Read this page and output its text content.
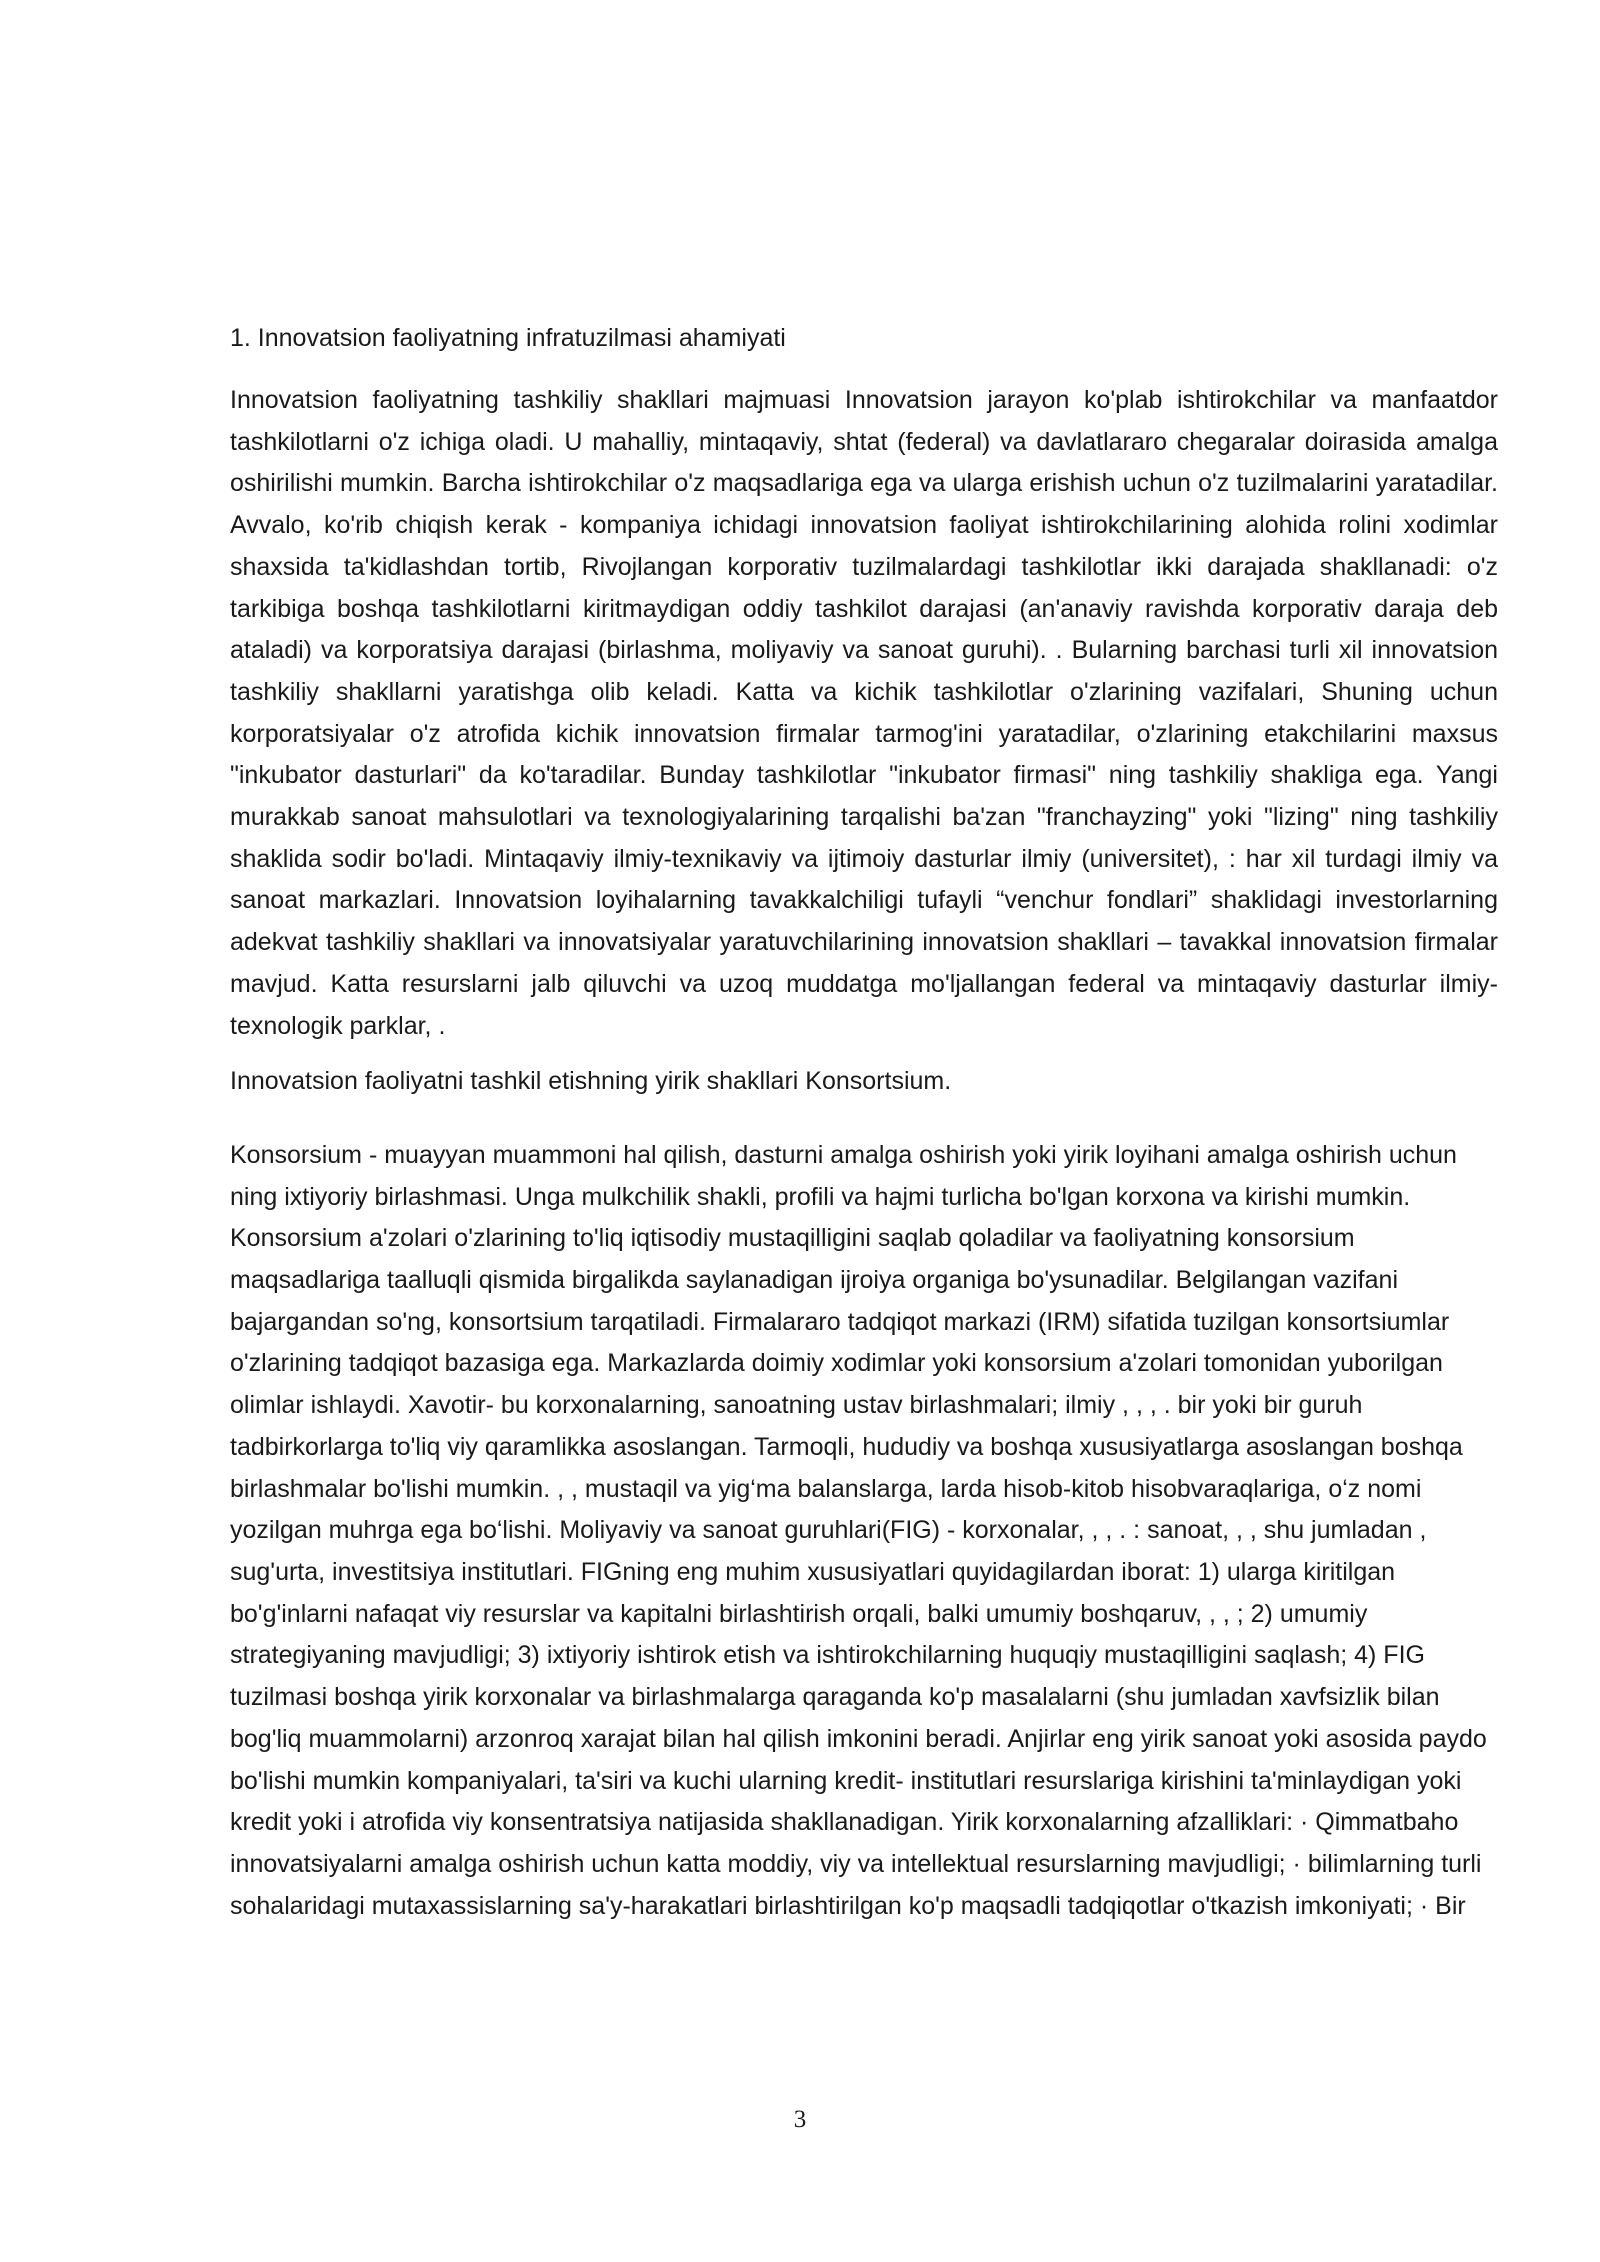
1. Innovatsion faoliyatning infratuzilmasi ahamiyati

Innovatsion faoliyatning tashkiliy shakllari majmuasi Innovatsion jarayon ko'plab ishtirokchilar va manfaatdor tashkilotlarni o'z ichiga oladi. U mahalliy, mintaqaviy, shtat (federal) va davlatlararo chegaralar doirasida amalga oshirilishi mumkin. Barcha ishtirokchilar o'z maqsadlariga ega va ularga erishish uchun o'z tuzilmalarini yaratadilar. Avvalo, ko'rib chiqish kerak - kompaniya ichidagi innovatsion faoliyat ishtirokchilarining alohida rolini xodimlar shaxsida ta'kidlashdan tortib, Rivojlangan korporativ tuzilmalardagi tashkilotlar ikki darajada shakllanadi: o'z tarkibiga boshqa tashkilotlarni kiritmaydigan oddiy tashkilot darajasi (an'anaviy ravishda korporativ daraja deb ataladi) va korporatsiya darajasi (birlashma, moliyaviy va sanoat guruhi). . Bularning barchasi turli xil innovatsion tashkiliy shakllarni yaratishga olib keladi. Katta va kichik tashkilotlar o'zlarining vazifalari, Shuning uchun korporatsiyalar o'z atrofida kichik innovatsion firmalar tarmog'ini yaratadilar, o'zlarining etakchilarini maxsus "inkubator dasturlari" da ko'taradilar. Bunday tashkilotlar "inkubator firmasi" ning tashkiliy shakliga ega. Yangi murakkab sanoat mahsulotlari va texnologiyalarining tarqalishi ba'zan "franchayzing" yoki "lizing" ning tashkiliy shaklida sodir bo'ladi. Mintaqaviy ilmiy-texnikaviy va ijtimoiy dasturlar ilmiy (universitet), : har xil turdagi ilmiy va sanoat markazlari. Innovatsion loyihalarning tavakkalchiligi tufayli “venchur fondlari” shaklidagi investorlarning adekvat tashkiliy shakllari va innovatsiyalar yaratuvchilarining innovatsion shakllari – tavakkal innovatsion firmalar mavjud. Katta resurslarni jalb qiluvchi va uzoq muddatga mo'ljallangan federal va mintaqaviy dasturlar ilmiy-texnologik parklar, .

Innovatsion faoliyatni tashkil etishning yirik shakllari Konsortsium.

Konsorsium - muayyan muammoni hal qilish, dasturni amalga oshirish yoki yirik loyihani amalga oshirish uchun ning ixtiyoriy birlashmasi. Unga mulkchilik shakli, profili va hajmi turlicha bo'lgan korxona va kirishi mumkin. Konsorsium a'zolari o'zlarining to'liq iqtisodiy mustaqilligini saqlab qoladilar va faoliyatning konsorsium maqsadlariga taalluqli qismida birgalikda saylanadigan ijroiya organiga bo'ysunadilar. Belgilangan vazifani bajargandan so'ng, konsortsium tarqatiladi. Firmalararo tadqiqot markazi (IRM) sifatida tuzilgan konsortsiumlar o'zlarining tadqiqot bazasiga ega. Markazlarda doimiy xodimlar yoki konsorsium a'zolari tomonidan yuborilgan olimlar ishlaydi. Xavotir- bu korxonalarning, sanoatning ustav birlashmalari; ilmiy , , , . bir yoki bir guruh tadbirkorlarga to'liq viy qaramlikka asoslangan. Tarmoqli, hududiy va boshqa xususiyatlarga asoslangan boshqa birlashmalar bo'lishi mumkin. , , mustaqil va yig‘ma balanslarga, larda hisob-kitob hisobvaraqlariga, o‘z nomi yozilgan muhrga ega bo‘lishi. Moliyaviy va sanoat guruhlari(FIG) - korxonalar, , , . : sanoat, , , shu jumladan , sug'urta, investitsiya institutlari. FIGning eng muhim xususiyatlari quyidagilardan iborat: 1) ularga kiritilgan bo'g'inlarni nafaqat viy resurslar va kapitalni birlashtirish orqali, balki umumiy boshqaruv, , , ; 2) umumiy strategiyaning mavjudligi; 3) ixtiyoriy ishtirok etish va ishtirokchilarning huquqiy mustaqilligini saqlash; 4) FIG tuzilmasi boshqa yirik korxonalar va birlashmalarga qaraganda ko'p masalalarni (shu jumladan xavfsizlik bilan bog'liq muammolarni) arzonroq xarajat bilan hal qilish imkonini beradi. Anjirlar eng yirik sanoat yoki asosida paydo bo'lishi mumkin kompaniyalari, ta'siri va kuchi ularning kredit- institutlari resurslariga kirishini ta'minlaydigan yoki kredit yoki i atrofida viy konsentratsiya natijasida shakllanadigan. Yirik korxonalarning afzalliklari: · Qimmatbaho innovatsiyalarni amalga oshirish uchun katta moddiy, viy va intellektual resurslarning mavjudligi; · bilimlarning turli sohalaridagi mutaxassislarning sa'y-harakatlari birlashtirilgan ko'p maqsadli tadqiqotlar o'tkazish imkoniyati; · Bir

3
